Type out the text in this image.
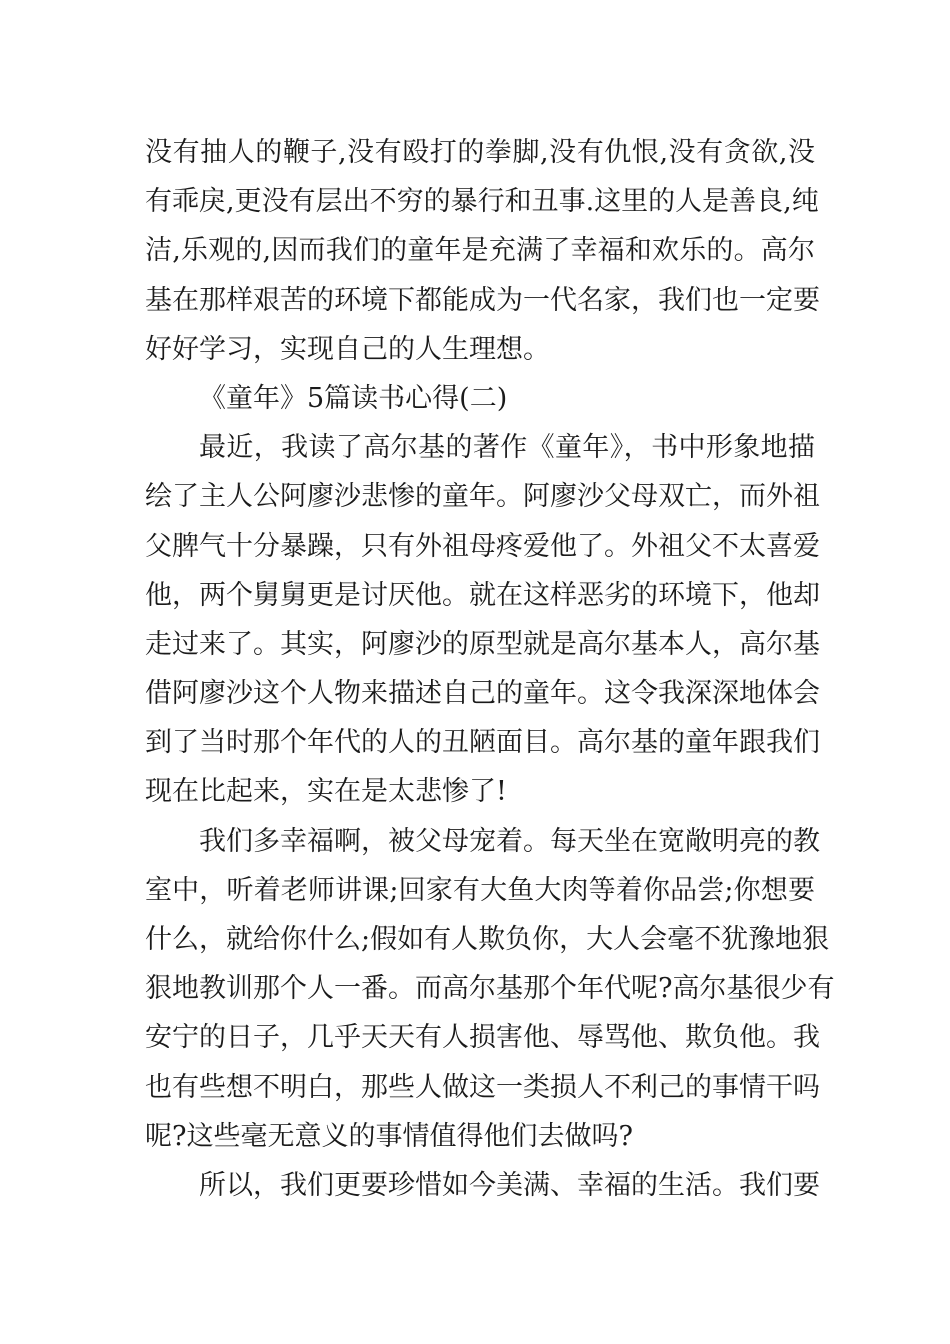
没有抽人的鞭子,没有殴打的拳脚,没有仇恨,没有贪欲,没
有乖戾,更没有层出不穷的暴行和丑事.这里的人是善良,纯
洁,乐观的,因而我们的童年是充满了幸福和欢乐的。高尔
基在那样艰苦的环境下都能成为一代名家，我们也一定要
好好学习，实现自己的人生理想。
《童年》5篇读书心得(二)
最近，我读了高尔基的著作《童年》，书中形象地描
绘了主人公阿廖沙悲惨的童年。阿廖沙父母双亡，而外祖
父脾气十分暴躁，只有外祖母疼爱他了。外祖父不太喜爱
他，两个舅舅更是讨厌他。就在这样恶劣的环境下，他却
走过来了。其实，阿廖沙的原型就是高尔基本人，高尔基
借阿廖沙这个人物来描述自己的童年。这令我深深地体会
到了当时那个年代的人的丑陋面目。高尔基的童年跟我们
现在比起来，实在是太悲惨了!
我们多幸福啊，被父母宠着。每天坐在宽敞明亮的教
室中，听着老师讲课;回家有大鱼大肉等着你品尝;你想要
什么，就给你什么;假如有人欺负你，大人会毫不犹豫地狠
狠地教训那个人一番。而高尔基那个年代呢?高尔基很少有
安宁的日子，几乎天天有人损害他、辱骂他、欺负他。我
也有些想不明白，那些人做这一类损人不利己的事情干吗
呢?这些毫无意义的事情值得他们去做吗?
所以，我们更要珍惜如今美满、幸福的生活。我们要
